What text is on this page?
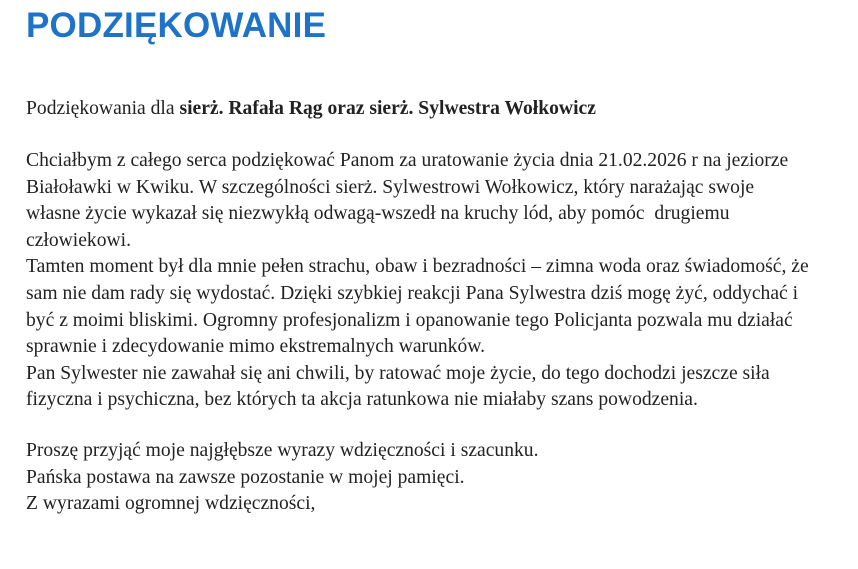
PODZIĘKOWANIE
Podziękowania dla sierż. Rafała Rąg oraz sierż. Sylwestra Wołkowicz
Chciałbym z całego serca podziękować Panom za uratowanie życia dnia 21.02.2026 r na jeziorze
Białoławki w Kwiku. W szczególności sierż. Sylwestrowi Wołkowicz, który narażając swoje
własne życie wykazał się niezwykłą odwagą-wszedł na kruchy lód, aby pomóc  drugiemu
człowiekowi.
Tamten moment był dla mnie pełen strachu, obaw i bezradności – zimna woda oraz świadomość, że
sam nie dam rady się wydostać. Dzięki szybkiej reakcji Pana Sylwestra dziś mogę żyć, oddychać i
być z moimi bliskimi. Ogromny profesjonalizm i opanowanie tego Policjanta pozwala mu działać
sprawnie i zdecydowanie mimo ekstremalnych warunków.
Pan Sylwester nie zawahał się ani chwili, by ratować moje życie, do tego dochodzi jeszcze siła
fizyczna i psychiczna, bez których ta akcja ratunkowa nie miałaby szans powodzenia.
Proszę przyjąć moje najgłębsze wyrazy wdzięczności i szacunku.
Pańska postawa na zawsze pozostanie w mojej pamięci.
Z wyrazami ogromnej wdzięczności,
